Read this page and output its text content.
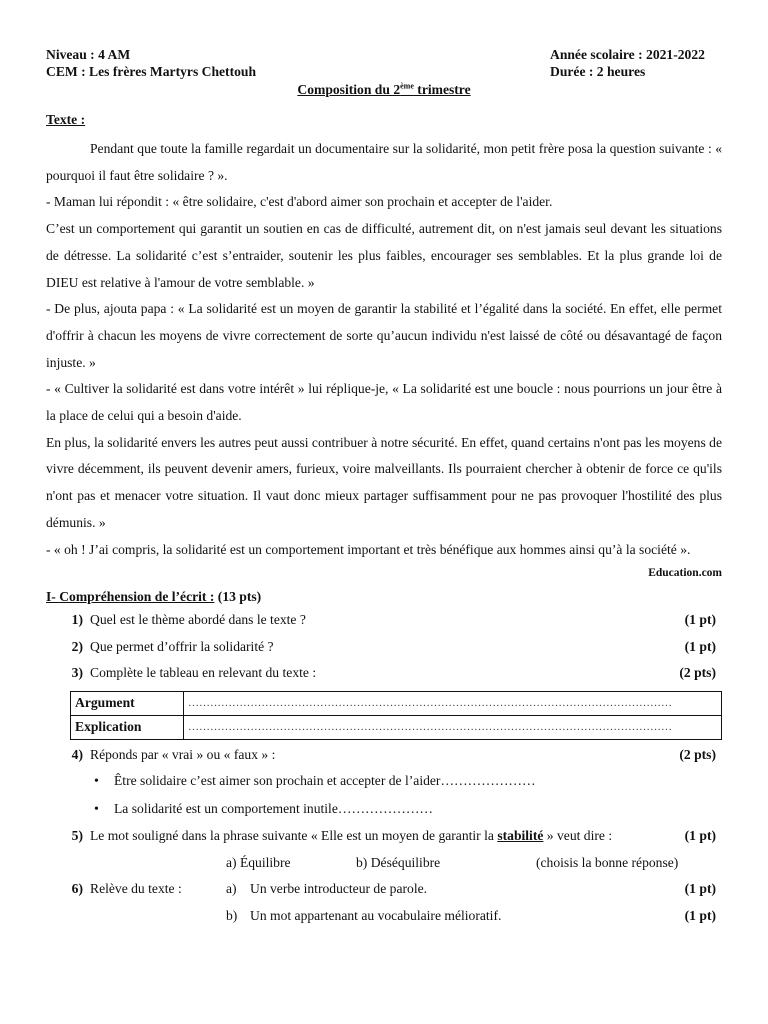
Niveau : 4 AM	Année scolaire : 2021-2022
CEM : Les frères Martyrs Chettouh	Durée : 2 heures
Composition du 2ème trimestre
Texte :

Pendant que toute la famille regardait un documentaire sur la solidarité, mon petit frère posa la question suivante : « pourquoi il faut être solidaire ? ».

- Maman lui répondit : « être solidaire, c'est d'abord aimer son prochain et accepter de l'aider.

C’est un comportement qui garantit un soutien en cas de difficulté, autrement dit, on n'est jamais seul devant les situations de détresse. La solidarité c’est s’entraider, soutenir les plus faibles, encourager ses semblables. Et la plus grande loi de DIEU est relative à l'amour de votre semblable. »

- De plus, ajouta papa : « La solidarité est un moyen de garantir la stabilité et l’égalité dans la société. En effet, elle permet d'offrir à chacun les moyens de vivre correctement de sorte qu’aucun individu n'est laissé de côté ou désavantagé de façon injuste. »

- « Cultiver la solidarité est dans votre intérêt » lui réplique-je, « La solidarité est une boucle : nous pourrions un jour être à la place de celui qui a besoin d'aide.

En plus, la solidarité envers les autres peut aussi contribuer à notre sécurité. En effet, quand certains n'ont pas les moyens de vivre décemment, ils peuvent devenir amers, furieux, voire malveillants. Ils pourraient chercher à obtenir de force ce qu'ils n'ont pas et menacer votre situation. Il vaut donc mieux partager suffisamment pour ne pas provoquer l'hostilité des plus démunis. »

- « oh ! J’ai compris, la solidarité est un comportement important et très bénéfique aux hommes ainsi qu’à la société ».

Education.com
I- Compréhension de l’écrit : (13 pts)
1) Quel est le thème abordé dans le texte ?	(1 pt)
2) Que permet d’offrir la solidarité ?	(1 pt)
3) Complète le tableau en relevant du texte :	(2 pts)
Argument	……………………………………………………………………………………………………………………
Explication	……………………………………………………………………………………………………………………
4) Réponds par « vrai » ou « faux » :	(2 pts)
•	Être solidaire c’est aimer son prochain et accepter de l’aider…………………
•	La solidarité est un comportement inutile…………………
5) Le mot souligné dans la phrase suivante « Elle est un moyen de garantir la stabilité » veut dire :	(1 pt)
a) Équilibre	b) Déséquilibre	(choisis la bonne réponse)
6) Relève du texte :	a) Un verbe introducteur de parole.	(1 pt)
b) Un mot appartenant au vocabulaire mélioratif.	(1 pt)
